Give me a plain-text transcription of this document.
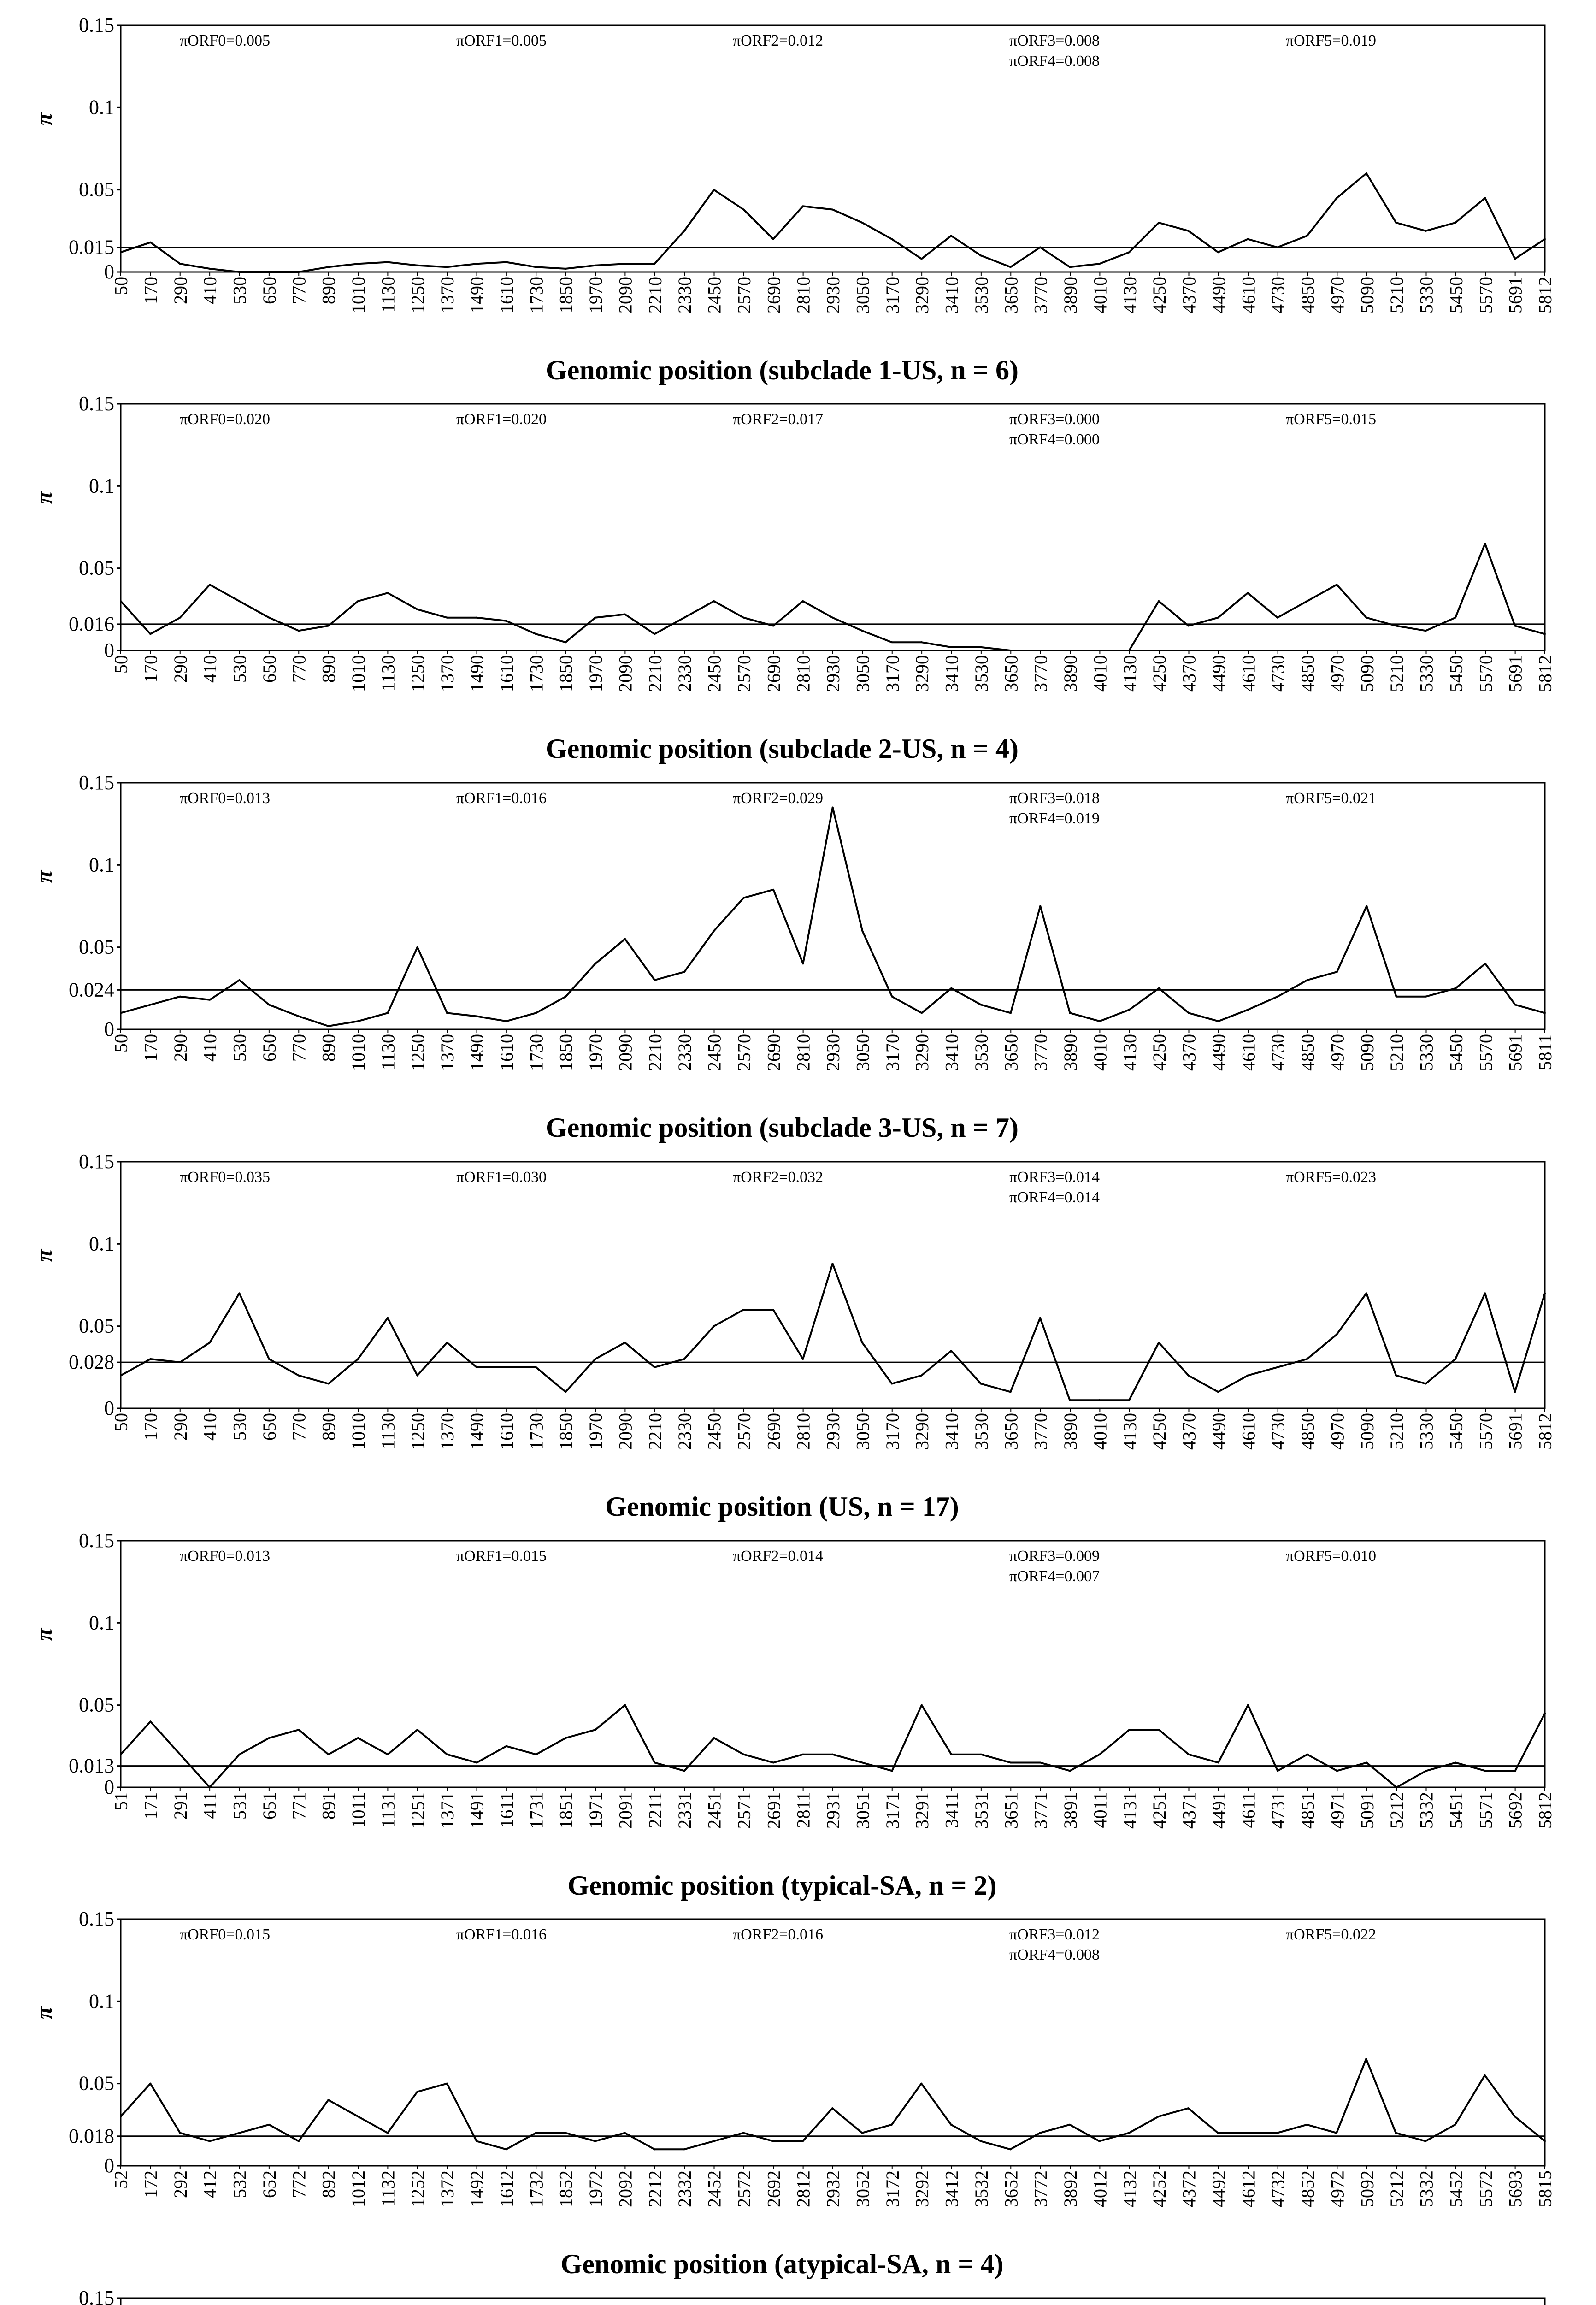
0
0.015
0.05
0.1
0.15
π
πORF0=0.005	πORF1=0.005	πORF2=0.012	πORF3=0.008
πORF4=0.008
πORF5=0.019
50 170 290 410 530 650 770 890 1010 1130 1250 1370 1490 1610 1730 1850 1970 2090 2210 2330 2450 2570 2690 2810 2930 3050 3170 3290 3410 3530 3650 3770 3890 4010 4130 4250 4370 4490 4610 4730 4850 4970 5090 5210 5330 5450 5570 5691 5812
Genomic position (subclade 1-US, n = 6)
0
0.016
0.05
0.1
0.15
π
πORF0=0.020	πORF1=0.020	πORF2=0.017	πORF3=0.000
πORF4=0.000
πORF5=0.015
50 170 290 410 530 650 770 890 1010 1130 1250 1370 1490 1610 1730 1850 1970 2090 2210 2330 2450 2570 2690 2810 2930 3050 3170 3290 3410 3530 3650 3770 3890 4010 4130 4250 4370 4490 4610 4730 4850 4970 5090 5210 5330 5450 5570 5691 5812
Genomic position (subclade 2-US, n = 4)
0
0.024
0.05
0.1
0.15
π
πORF0=0.013	πORF1=0.016	πORF2=0.029	πORF3=0.018
πORF4=0.019
πORF5=0.021
50 170 290 410 530 650 770 890 1010 1130 1250 1370 1490 1610 1730 1850 1970 2090 2210 2330 2450 2570 2690 2810 2930 3050 3170 3290 3410 3530 3650 3770 3890 4010 4130 4250 4370 4490 4610 4730 4850 4970 5090 5210 5330 5450 5570 5691 5811
Genomic position (subclade 3-US, n = 7)
0
0.028
0.05
0.1
0.15
π
πORF0=0.035	πORF1=0.030	πORF2=0.032	πORF3=0.014
πORF4=0.014
πORF5=0.023
50 170 290 410 530 650 770 890 1010 1130 1250 1370 1490 1610 1730 1850 1970 2090 2210 2330 2450 2570 2690 2810 2930 3050 3170 3290 3410 3530 3650 3770 3890 4010 4130 4250 4370 4490 4610 4730 4850 4970 5090 5210 5330 5450 5570 5691 5812
Genomic position (US, n = 17)
0
0.013
0.05
0.1
0.15
π
πORF0=0.013	πORF1=0.015	πORF2=0.014	πORF3=0.009
πORF4=0.007
πORF5=0.010
51 171 291 411 531 651 771 891 1011 1131 1251 1371 1491 1611 1731 1851 1971 2091 2211 2331 2451 2571 2691 2811 2931 3051 3171 3291 3411 3531 3651 3771 3891 4011 4131 4251 4371 4491 4611 4731 4851 4971 5091 5212 5332 5451 5571 5692 5812
Genomic position (typical-SA, n = 2)
0
0.018
0.05
0.1
0.15
π
πORF0=0.015	πORF1=0.016	πORF2=0.016	πORF3=0.012
πORF4=0.008
πORF5=0.022
52 172 292 412 532 652 772 892 1012 1132 1252 1372 1492 1612 1732 1852 1972 2092 2212 2332 2452 2572 2692 2812 2932 3052 3172 3292 3412 3532 3652 3772 3892 4012 4132 4252 4372 4492 4612 4732 4852 4972 5092 5212 5332 5452 5572 5693 5815
Genomic position (atypical-SA, n = 4)
0.15
